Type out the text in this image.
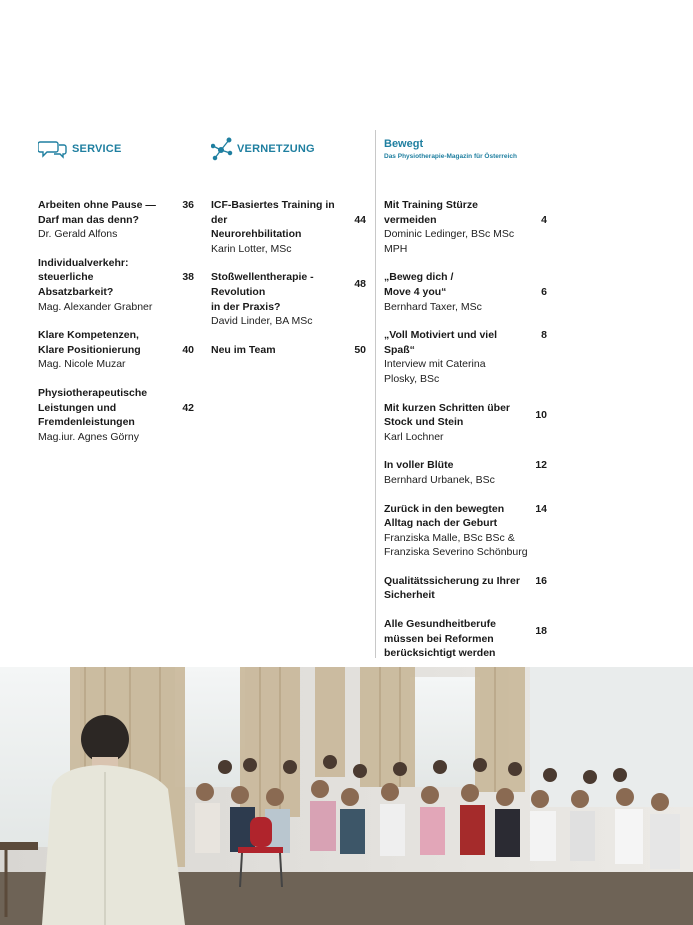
SERVICE
36
Arbeiten ohne Pause —
Darf man das denn?
Dr. Gerald Alfons
38
Individualverkehr:
steuerliche
Absatzbarkeit?
Mag. Alexander Grabner
40
Klare Kompetenzen,
Klare Positionierung
Mag. Nicole Muzar
42
Physiotherapeutische
Leistungen und
Fremdenleistungen
Mag.iur. Agnes Görny
VERNETZUNG
44
ICF-Basiertes Training in der
Neurorehbilitation
Karin Lotter, MSc
48
Stoßwellentherapie -
Revolution
in der Praxis?
David Linder, BA MSc
50
Neu im Team
Bewegt
Das Physiotherapie-Magazin für Österreich
4
Mit Training Stürze
vermeiden
Dominic Ledinger, BSc MSc
MPH
6
„Beweg dich /
Move 4 you“
Bernhard Taxer, MSc
8
„Voll Motiviert und viel Spaß“
Interview mit Caterina
Plosky, BSc
10
Mit kurzen Schritten über
Stock und Stein
Karl Lochner
12
In voller Blüte
Bernhard Urbanek, BSc
14
Zurück in den bewegten
Alltag nach der Geburt
Franziska Malle, BSc BSc &
Franziska Severino Schönburg
16
Qualitätssicherung zu Ihrer
Sicherheit
18
Alle Gesundheitberufe
müssen bei Reformen
berücksichtigt werden
